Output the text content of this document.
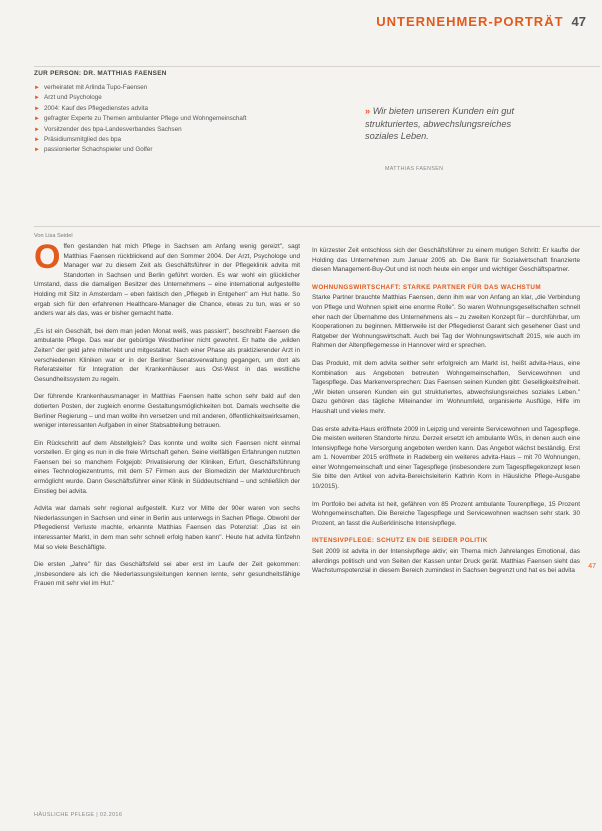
UNTERNEHMER-PORTRÄT 47
ZUR PERSON: DR. MATTHIAS FAENSEN
► verheiratet mit Arlinda Tupo-Faensen
► Arzt und Psychologe
► 2004: Kauf des Pflegedienstes advita
► gefragter Experte zu Themen ambulanter Pflege und Wohngemeinschaft
► Vorsitzender des bpa-Landesverbandes Sachsen
► Präsidiumsmitglied des bpa
► passionierter Schachspieler und Golfer
» Wir bieten unseren Kunden ein gut strukturiertes, abwechslungsreiches soziales Leben.
MATTHIAS FAENSEN
Von Lisa Seidel

Offen gestanden hat mich Pflege in Sachsen am Anfang wenig gereizt", sagt Matthias Faensen rückblickend auf den Sommer 2004. Der Arzt, Psychologe und Manager war zu diesem Zeit als Geschäftsführer in der Pflegeklinik advita mit Standorten in Sachsen und Berlin geführt worden. Es war wohl ein glücklicher Umstand, dass die damaligen Besitzer des Unternehmens – eine international aufgestellte Holding mit Sitz in Amsterdam – eben faktisch den „Pflegeb in Entgehen" am Hut hatte. So ergab sich für den erfahrenen Healthcare-Manager die Chance, etwas zu tun, was er so anders war als das, was er bisher gemacht hatte.

„Es ist ein Geschäft, bei dem man jeden Monat weiß, was passiert", beschreibt Faensen die ambulante Pflege. Das war der gebürtige Westberliner nicht gewohnt. Er hatte die „wilden Zeiten" der geld jahre miterlebt und mitgestaltet. Nach einer Phase als praktizierender Arzt in verschiedenen Kliniken war er in der Berliner Senatsverwaltung gegangen, um dort als Referatsleiter für Integration der Krankenhäuser aus Ost-West in das westliche Gesundheitssystem zu regeln.

Der führende Krankenhausmanager in Matthias Faensen hatte schon sehr bald auf den dotierten Posten, der zugleich enorme Gestaltungsmöglichkeiten bot. Damals wechselte die Berliner Regierung – und man wollte ihn versetzen und mit anderen, öffentlichkeitswirksamen, weniger interessanten Aufgaben in einer Stabsabteilung betrauen.

Ein Rückschritt auf dem Abstellgleis? Das konnte und wollte sich Faensen nicht einmal vorstellen. Er ging es nun in die freie Wirtschaft gehen. Seine vielfältigen Erfahrungen nutzten Faensen bei so manchem Folgejob: Privatisierung der Kliniken, Erfurt, Geschäftsführung eines Technologiezentrums, mit dem 57 Firmen aus der Biomedizin der Marktdurchbruch ermöglicht wurde. Dann Geschäftsführer einer Klinik in Süddeutschland – und schließlich der Einstieg bei advita.

Advita war damals sehr regional aufgestellt. Kurz vor Mitte der 90er waren von sechs Niederlassungen in Sachsen und einer in Berlin aus unterwegs in Sachen Pflege. Obwohl der Pflegedienst Verluste machte, erkannte Matthias Faensen das Potenzial: „Das ist ein interessanter Markt, in dem man sehr schnell erfolg haben kann". Heute hat advita fünfzehn Mal so viele Beschäftigte.

Die ersten „Jahre" für das Geschäftsfeld sei aber erst im Laufe der Zeit gekommen: „Insbesondere als ich die Niederlassungsleitungen kennen lernte, sehr gesundheitsfähige Frauen mit sehr viel im Hut."

In kürzester Zeit entschloss sich der Geschäftsführer zu einem mutigen Schritt: Er kaufte der Holding das Unternehmen zum Januar 2005 ab. Die Bank für Sozialwirtschaft finanzierte diesen Management-Buy-Out und ist noch heute ein enger und wichtiger Geschäftspartner.

WOHNUNGSWIRTSCHAFT: STARKE PARTNER FÜR DAS WACHSTUM

Starke Partner brauchte Matthias Faensen, denn ihm war von Anfang an klar, „die Verbindung von Pflege und Wohnen spielt eine enorme Rolle". So waren Wohnungsgesellschaften schnell eher nach der Übernahme des Unternehmens als – zu zweiten Konzept für – durchführbar, um Kooperationen zu beginnen. Mittlerweile ist der Pflegedienst Garant sich gesehener Gast und Ratgeber der Wohnungswirtschaft. Auch bei Tag der Wohnungswirtschaft 2015, wie auch im Rahmen der Altenpflegemesse in Hannover wird er sprechen.

Das Produkt, mit dem advita seither sehr erfolgreich am Markt ist, heißt advita-Haus, eine Kombination aus Angeboten betreuten Wohngemeinschaften, Servicewohnen und Tagespflege. Das Markenversprechen: Das Faensen seinen Kunden gibt: Geselligkeitsfreiheit. „Wir bieten unseren Kunden ein gut strukturiertes, abwechslungsreiches soziales Leben." Dazu gehören das tägliche Miteinander im Wohnumfeld, organisierte Ausflüge, Hilfe im Haushalt und vieles mehr.

Das erste advita-Haus eröffnete 2009 in Leipzig und vereinte Servicewohnen und Tagespflege. Die meisten weiteren Standorte hinzu. Derzeit ersetzt ich ambulante WGs, in denen auch eine Intensivpflege hohe Versorgung angeboten werden kann. Das Angebot wächst beständig. Erst am 1. November 2015 eröffnete in Radeberg ein weiteres advita-Haus – mit 70 Wohnungen, einer Wohngemeinschaft und einer Tagespflege (insbesondere zum Tagespflegekonzept lesen Sie bitte den Artikel von advita-Bereichsleiterin Kathrin Korn in Häusliche Pflege-Ausgabe 10/2015).

Im Portfolio bei advita ist heit, gefähren von 85 Prozent ambulante Tourenpflege, 15 Prozent Wohngemeinschaften. Die Bereiche Tagespflege und Servicewohnen wachsen sehr stark. 30 Prozent, an fasst die Außerklinische Intensivpflege.

INTENSIVPFLEGE: SCHUTZ EN DIE SEIDER POLITIK

Seit 2009 ist advita in der Intensivpflege aktiv; ein Thema mich Jahrelanges Emotional, das allerdings politisch und von Seiten der Kassen unter Druck gerät. Matthias Faensen sieht das Wachstumspotenzial in diesem Bereich zumindest in Sachsen begrenzt und hat es bei advita

HÄUSLICHE PFLEGE | 02.2016
47
